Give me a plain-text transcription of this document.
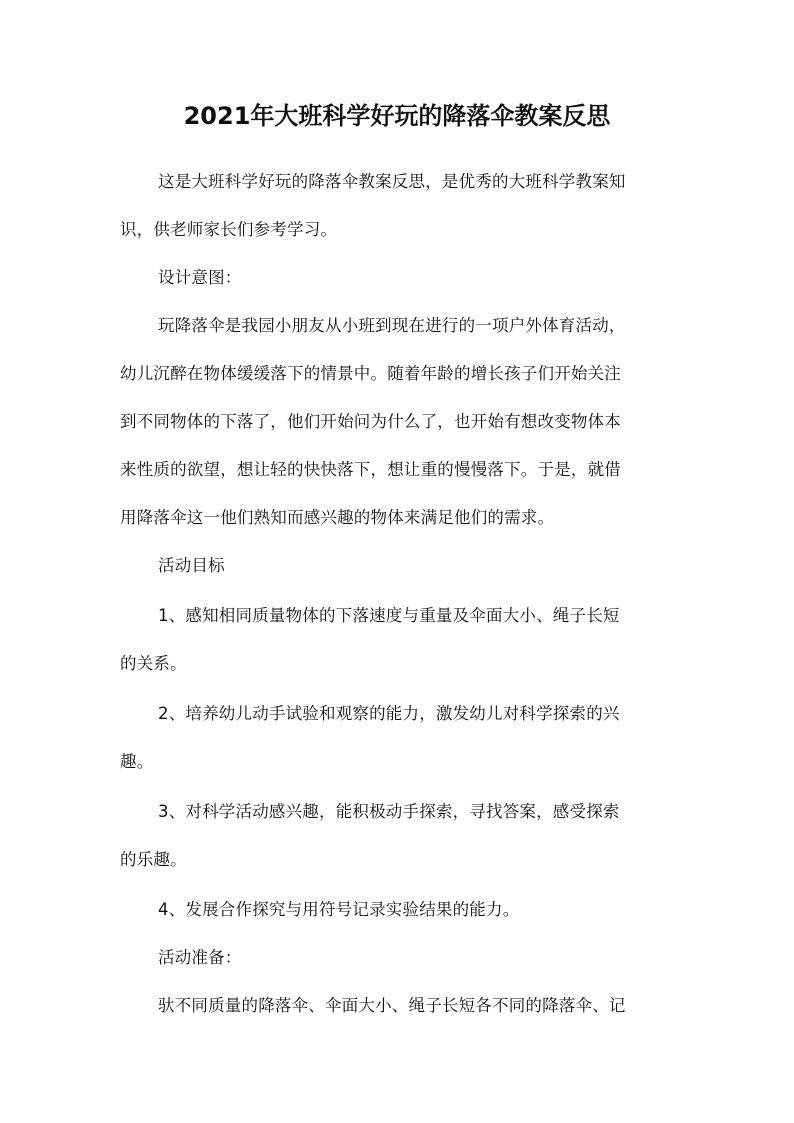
2021年大班科学好玩的降落伞教案反思
这是大班科学好玩的降落伞教案反思，是优秀的大班科学教案知
识，供老师家长们参考学习。
设计意图：
玩降落伞是我园小朋友从小班到现在进行的一项户外体育活动，
幼儿沉醉在物体缓缓落下的情景中。随着年龄的增长孩子们开始关注
到不同物体的下落了，他们开始问为什么了，也开始有想改变物体本
来性质的欲望，想让轻的快快落下，想让重的慢慢落下。于是，就借
用降落伞这一他们熟知而感兴趣的物体来满足他们的需求。
活动目标
1、感知相同质量物体的下落速度与重量及伞面大小、绳子长短
的关系。
2、培养幼儿动手试验和观察的能力，激发幼儿对科学探索的兴
趣。
3、对科学活动感兴趣，能积极动手探索，寻找答案，感受探索
的乐趣。
4、发展合作探究与用符号记录实验结果的能力。
活动准备：
驮不同质量的降落伞、伞面大小、绳子长短各不同的降落伞、记
